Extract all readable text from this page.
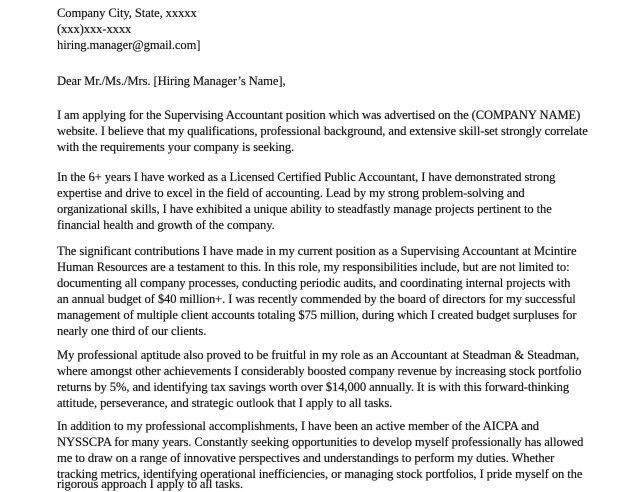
Company City, State, xxxxx
(xxx)xxx-xxxx
hiring.manager@gmail.com]
Dear Mr./Ms./Mrs. [Hiring Manager’s Name],
I am applying for the Supervising Accountant position which was advertised on the (COMPANY NAME)
website. I believe that my qualifications, professional background, and extensive skill-set strongly correlate
with the requirements your company is seeking.
In the 6+ years I have worked as a Licensed Certified Public Accountant, I have demonstrated strong
expertise and drive to excel in the field of accounting. Lead by my strong problem-solving and
organizational skills, I have exhibited a unique ability to steadfastly manage projects pertinent to the
financial health and growth of the company.
The significant contributions I have made in my current position as a Supervising Accountant at Mcintire
Human Resources are a testament to this. In this role, my responsibilities include, but are not limited to:
documenting all company processes, conducting periodic audits, and coordinating internal projects with
an annual budget of $40 million+. I was recently commended by the board of directors for my successful
management of multiple client accounts totaling $75 million, during which I created budget surpluses for
nearly one third of our clients.
My professional aptitude also proved to be fruitful in my role as an Accountant at Steadman & Steadman,
where amongst other achievements I considerably boosted company revenue by increasing stock portfolio
returns by 5%, and identifying tax savings worth over $14,000 annually. It is with this forward-thinking
attitude, perseverance, and strategic outlook that I apply to all tasks.
In addition to my professional accomplishments, I have been an active member of the AICPA and
NYSSCPA for many years. Constantly seeking opportunities to develop myself professionally has allowed
me to draw on a range of innovative perspectives and understandings to perform my duties. Whether
tracking metrics, identifying operational inefficiencies, or managing stock portfolios, I pride myself on the
rigorous approach I apply to all tasks.
